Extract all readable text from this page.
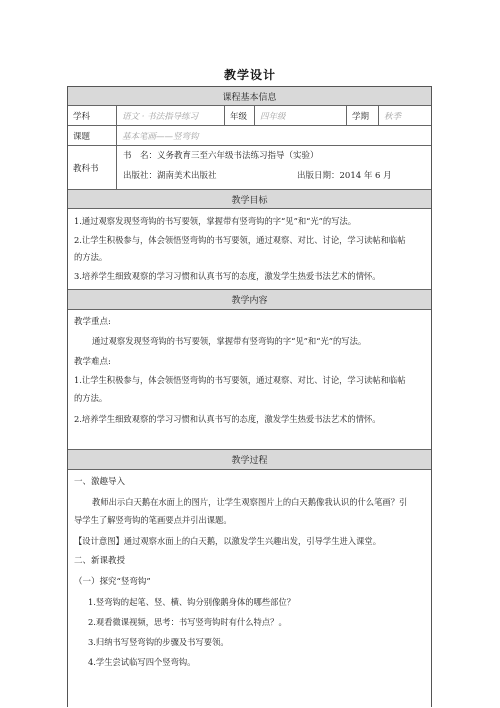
教学设计
课程基本信息
学科	语文 · 书法指导练习	年级	四年级	学期	秋季
课题	基本笔画——竖弯钩
教科书
书　名：义务教育三至六年级书法练习指导（实验）
出版社：湖南美术出版社	出版日期：2014 年 6 月
教学目标
1.通过观察发现竖弯钩的书写要领，掌握带有竖弯钩的字“见”和“光”的写法。
2.让学生积极参与，体会领悟竖弯钩的书写要领，通过观察、对比、讨论，学习读帖和临帖
的方法。
3.培养学生细致观察的学习习惯和认真书写的态度，激发学生热爱书法艺术的情怀。
教学内容
教学重点:
通过观察发现竖弯钩的书写要领，掌握带有竖弯钩的字“见”和“光”的写法。
教学难点:
1.让学生积极参与，体会领悟竖弯钩的书写要领，通过观察、对比、讨论，学习读帖和临帖
的方法。
2.培养学生细致观察的学习习惯和认真书写的态度，激发学生热爱书法艺术的情怀。
教学过程
一、激趣导入
教师出示白天鹅在水面上的图片，让学生观察图片上的白天鹅像我认识的什么笔画？引
导学生了解竖弯钩的笔画要点并引出课题。
【设计意图】通过观察水面上的白天鹅，以激发学生兴趣出发，引导学生进入课堂。
二、新课教授
（一）探究“竖弯钩”
1.竖弯钩的起笔、竖、横、钩分别像鹅身体的哪些部位？
2.观看微课视频，思考：书写竖弯钩时有什么特点？。
3.归纳书写竖弯钩的步骤及书写要领。
4.学生尝试临写四个竖弯钩。
